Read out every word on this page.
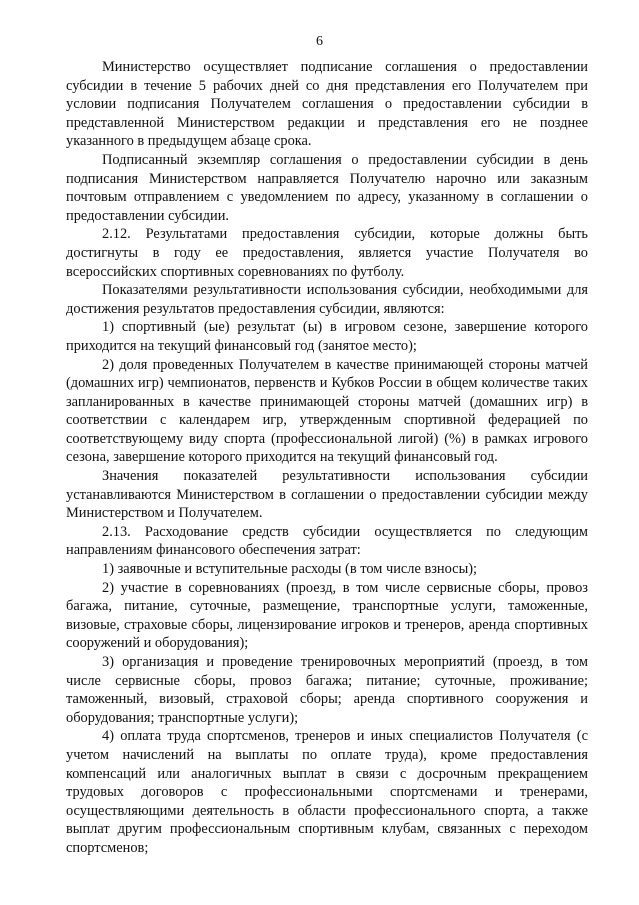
6

Министерство осуществляет подписание соглашения о предоставлении субсидии в течение 5 рабочих дней со дня представления его Получателем при условии подписания Получателем соглашения о предоставлении субсидии в представленной Министерством редакции и представления его не позднее указанного в предыдущем абзаце срока.

Подписанный экземпляр соглашения о предоставлении субсидии в день подписания Министерством направляется Получателю нарочно или заказным почтовым отправлением с уведомлением по адресу, указанному в соглашении о предоставлении субсидии.

2.12. Результатами предоставления субсидии, которые должны быть достигнуты в году ее предоставления, является участие Получателя во всероссийских спортивных соревнованиях по футболу.

Показателями результативности использования субсидии, необходимыми для достижения результатов предоставления субсидии, являются:

1) спортивный (ые) результат (ы) в игровом сезоне, завершение которого приходится на текущий финансовый год (занятое место);

2) доля проведенных Получателем в качестве принимающей стороны матчей (домашних игр) чемпионатов, первенств и Кубков России в общем количестве таких запланированных в качестве принимающей стороны матчей (домашних игр) в соответствии с календарем игр, утвержденным спортивной федерацией по соответствующему виду спорта (профессиональной лигой) (%) в рамках игрового сезона, завершение которого приходится на текущий финансовый год.

Значения показателей результативности использования субсидии устанавливаются Министерством в соглашении о предоставлении субсидии между Министерством и Получателем.

2.13. Расходование средств субсидии осуществляется по следующим направлениям финансового обеспечения затрат:

1) заявочные и вступительные расходы (в том числе взносы);

2) участие в соревнованиях (проезд, в том числе сервисные сборы, провоз багажа, питание, суточные, размещение, транспортные услуги, таможенные, визовые, страховые сборы, лицензирование игроков и тренеров, аренда спортивных сооружений и оборудования);

3) организация и проведение тренировочных мероприятий (проезд, в том числе сервисные сборы, провоз багажа; питание; суточные, проживание; таможенный, визовый, страховой сборы; аренда спортивного сооружения и оборудования; транспортные услуги);

4) оплата труда спортсменов, тренеров и иных специалистов Получателя (с учетом начислений на выплаты по оплате труда), кроме предоставления компенсаций или аналогичных выплат в связи с досрочным прекращением трудовых договоров с профессиональными спортсменами и тренерами, осуществляющими деятельность в области профессионального спорта, а также выплат другим профессиональным спортивным клубам, связанных с переходом спортсменов;
